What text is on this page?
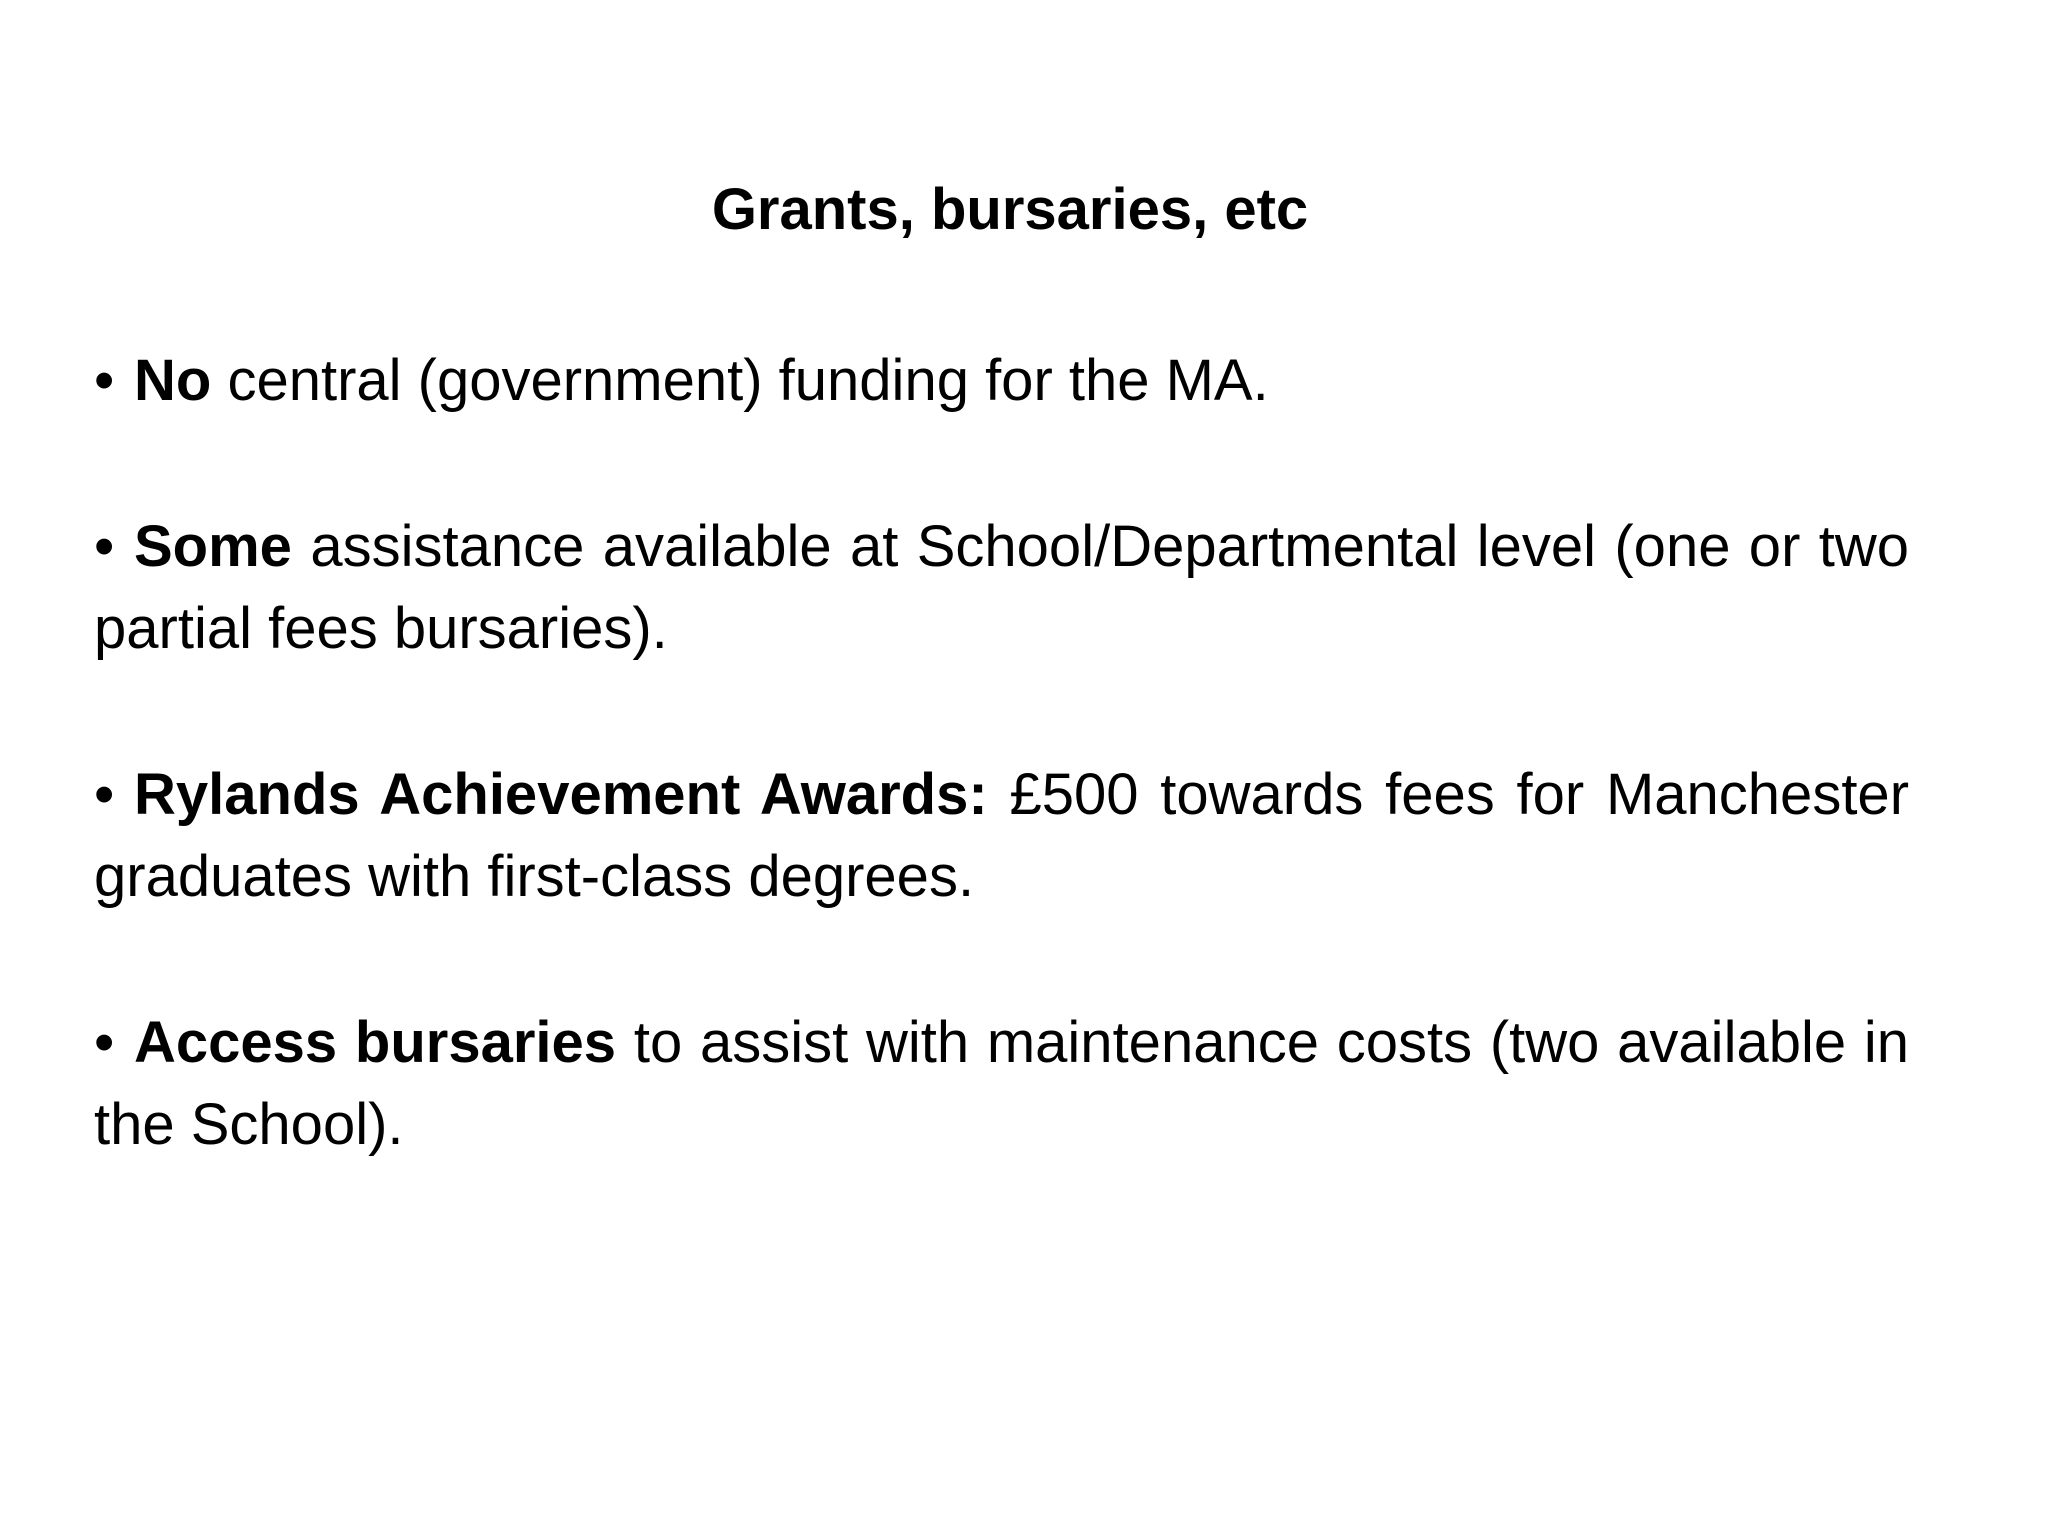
Grants, bursaries, etc

• No central (government) funding for the MA.

• Some assistance available at School/Departmental level (one or two partial fees bursaries).

• Rylands Achievement Awards: £500 towards fees for Manchester graduates with first-class degrees.

• Access bursaries to assist with maintenance costs (two available in the School).
